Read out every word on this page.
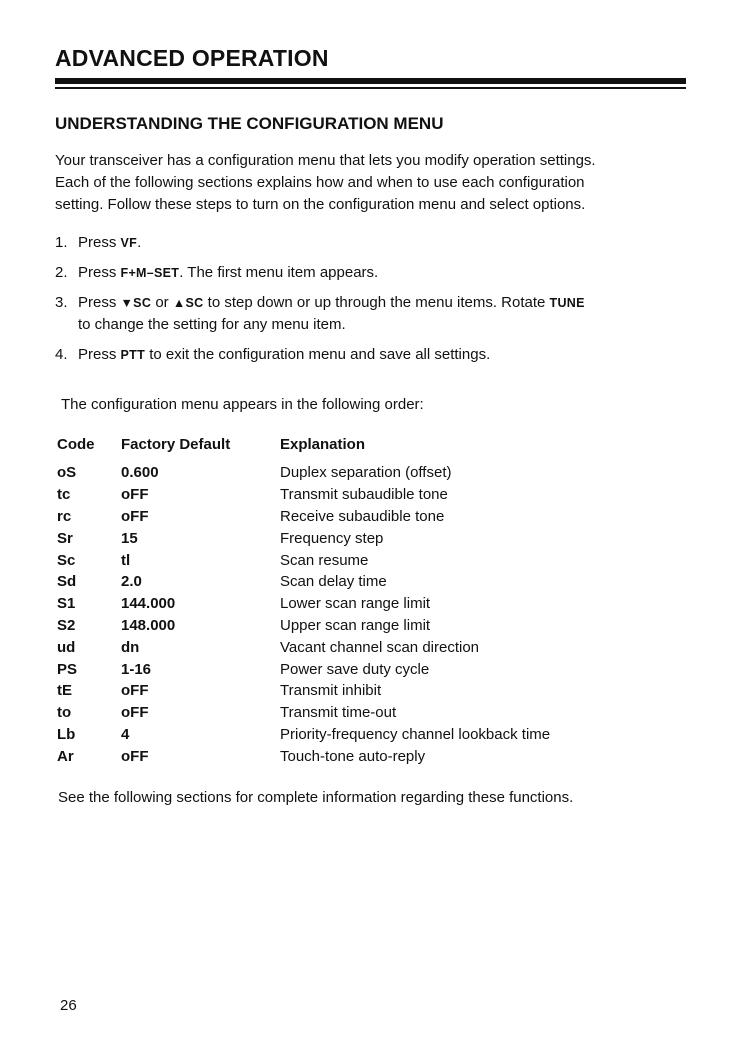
ADVANCED OPERATION
UNDERSTANDING THE CONFIGURATION MENU
Your transceiver has a configuration menu that lets you modify operation settings.
Each of the following sections explains how and when to use each configuration
setting. Follow these steps to turn on the configuration menu and select options.
1. Press VF.
2. Press F+M–SET. The first menu item appears.
3. Press ▼SC or ▲SC to step down or up through the menu items. Rotate TUNE
to change the setting for any menu item.
4. Press PTT to exit the configuration menu and save all settings.
The configuration menu appears in the following order:
Code	Factory Default	Explanation
oS	0.600	Duplex separation (offset)
tc	oFF	Transmit subaudible tone
rc	oFF	Receive subaudible tone
Sr	15	Frequency step
Sc	tl	Scan resume
Sd	2.0	Scan delay time
S1	144.000	Lower scan range limit
S2	148.000	Upper scan range limit
ud	dn	Vacant channel scan direction
PS	1-16	Power save duty cycle
tE	oFF	Transmit inhibit
to	oFF	Transmit time-out
Lb	4	Priority-frequency channel lookback time
Ar	oFF	Touch-tone auto-reply
See the following sections for complete information regarding these functions.
26
